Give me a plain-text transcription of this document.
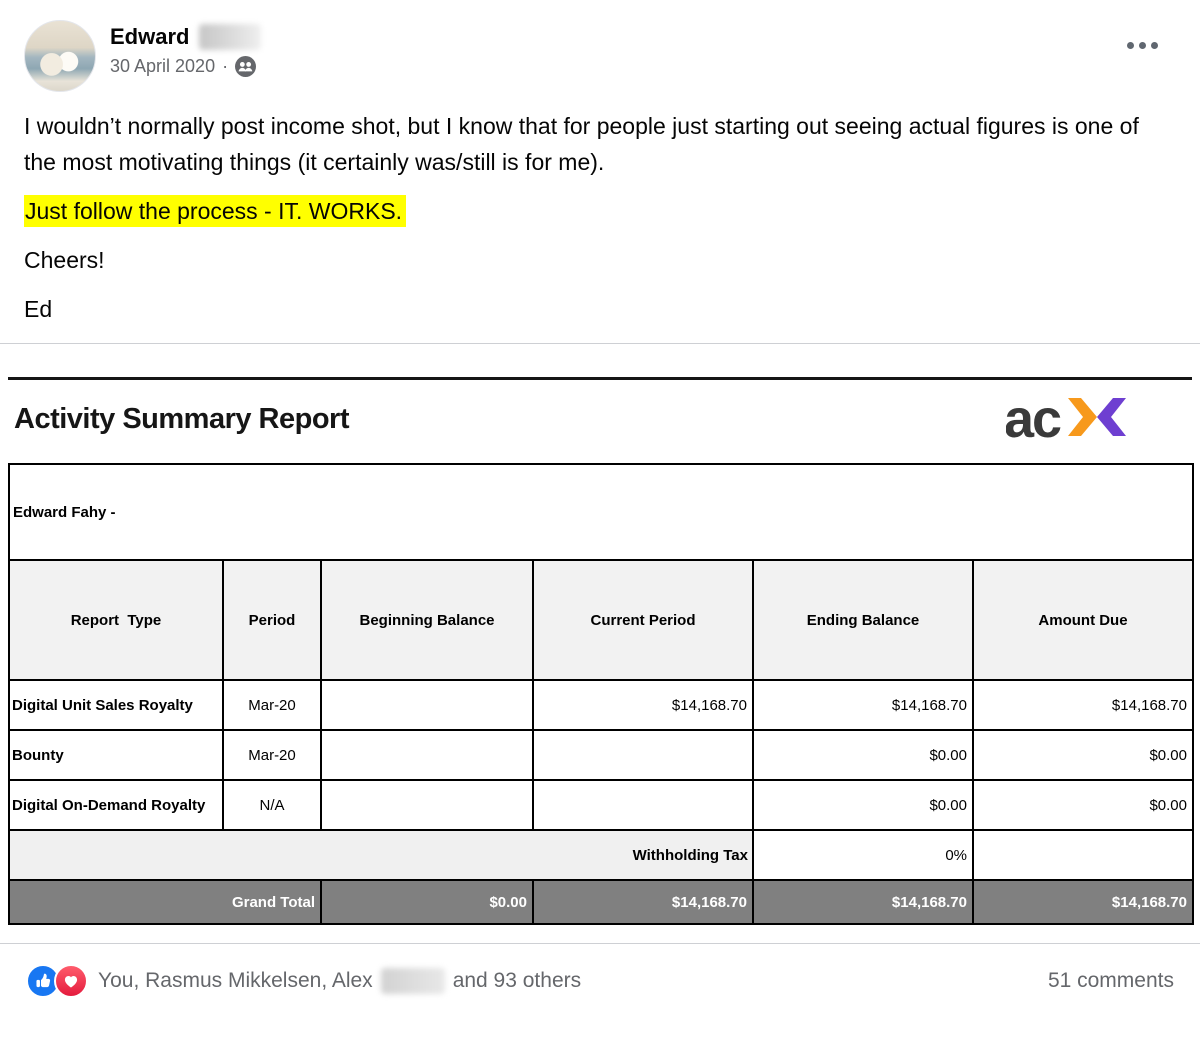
Edward
30 April 2020 ·

I wouldn’t normally post income shot, but I know that for people just starting out seeing actual figures is one of the most motivating things (it certainly was/still is for me).

Just follow the process - IT. WORKS.

Cheers!

Ed

Activity Summary Report	ac
Edward Fahy -					
Report  Type	Period	Beginning Balance	Current Period	Ending Balance	Amount Due
Digital Unit Sales Royalty	Mar-20		$14,168.70	$14,168.70	$14,168.70
Bounty	Mar-20			$0.00	$0.00
Digital On-Demand Royalty	N/A			$0.00	$0.00
Withholding Tax				0%	
Grand Total		$0.00	$14,168.70	$14,168.70	$14,168.70
You, Rasmus Mikkelsen, Alex	and 93 others	51 comments
